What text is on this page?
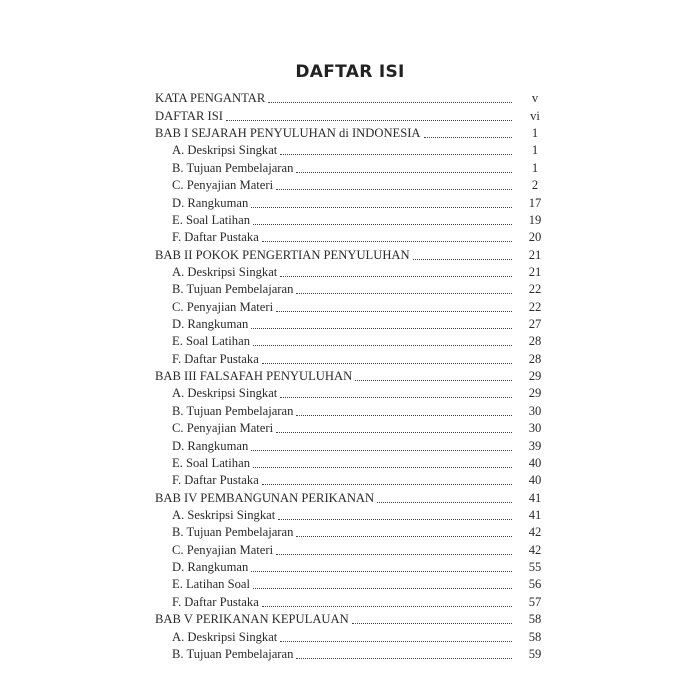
DAFTAR ISI
KATA PENGANTAR	v
DAFTAR ISI	vi
BAB I SEJARAH PENYULUHAN di INDONESIA	1
A. Deskripsi Singkat	1
B. Tujuan Pembelajaran	1
C. Penyajian Materi	2
D. Rangkuman	17
E. Soal Latihan	19
F. Daftar Pustaka	20
BAB II POKOK PENGERTIAN PENYULUHAN	21
A. Deskripsi Singkat	21
B. Tujuan Pembelajaran	22
C. Penyajian Materi	22
D. Rangkuman	27
E. Soal Latihan	28
F. Daftar Pustaka	28
BAB III FALSAFAH PENYULUHAN	29
A. Deskripsi Singkat	29
B. Tujuan Pembelajaran	30
C. Penyajian Materi	30
D. Rangkuman	39
E. Soal Latihan	40
F. Daftar Pustaka	40
BAB IV PEMBANGUNAN PERIKANAN	41
A. Seskripsi Singkat	41
B. Tujuan Pembelajaran	42
C. Penyajian Materi	42
D. Rangkuman	55
E. Latihan Soal	56
F. Daftar Pustaka	57
BAB V PERIKANAN KEPULAUAN	58
A. Deskripsi Singkat	58
B. Tujuan Pembelajaran	59
